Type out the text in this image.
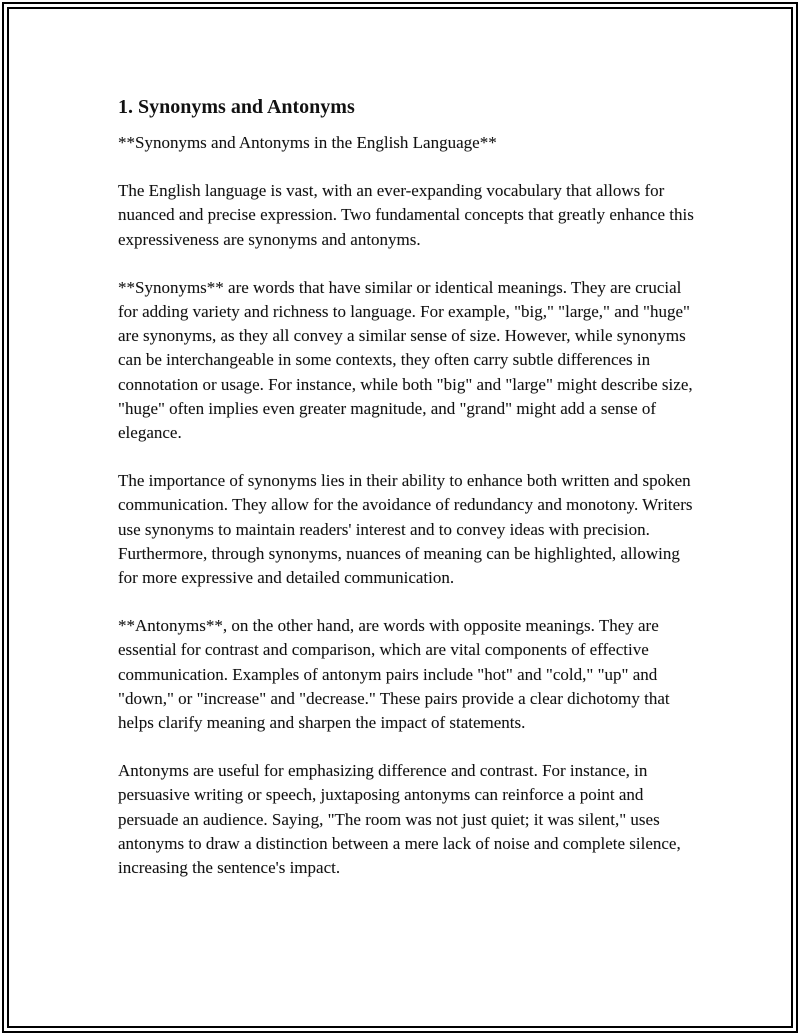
1. Synonyms and Antonyms

**Synonyms and Antonyms in the English Language**

The English language is vast, with an ever-expanding vocabulary that allows for nuanced and precise expression. Two fundamental concepts that greatly enhance this expressiveness are synonyms and antonyms.

**Synonyms** are words that have similar or identical meanings. They are crucial for adding variety and richness to language. For example, "big," "large," and "huge" are synonyms, as they all convey a similar sense of size. However, while synonyms can be interchangeable in some contexts, they often carry subtle differences in connotation or usage. For instance, while both "big" and "large" might describe size, "huge" often implies even greater magnitude, and "grand" might add a sense of elegance.

The importance of synonyms lies in their ability to enhance both written and spoken communication. They allow for the avoidance of redundancy and monotony. Writers use synonyms to maintain readers' interest and to convey ideas with precision. Furthermore, through synonyms, nuances of meaning can be highlighted, allowing for more expressive and detailed communication.

**Antonyms**, on the other hand, are words with opposite meanings. They are essential for contrast and comparison, which are vital components of effective communication. Examples of antonym pairs include "hot" and "cold," "up" and "down," or "increase" and "decrease." These pairs provide a clear dichotomy that helps clarify meaning and sharpen the impact of statements.

Antonyms are useful for emphasizing difference and contrast. For instance, in persuasive writing or speech, juxtaposing antonyms can reinforce a point and persuade an audience. Saying, "The room was not just quiet; it was silent," uses antonyms to draw a distinction between a mere lack of noise and complete silence, increasing the sentence's impact.
